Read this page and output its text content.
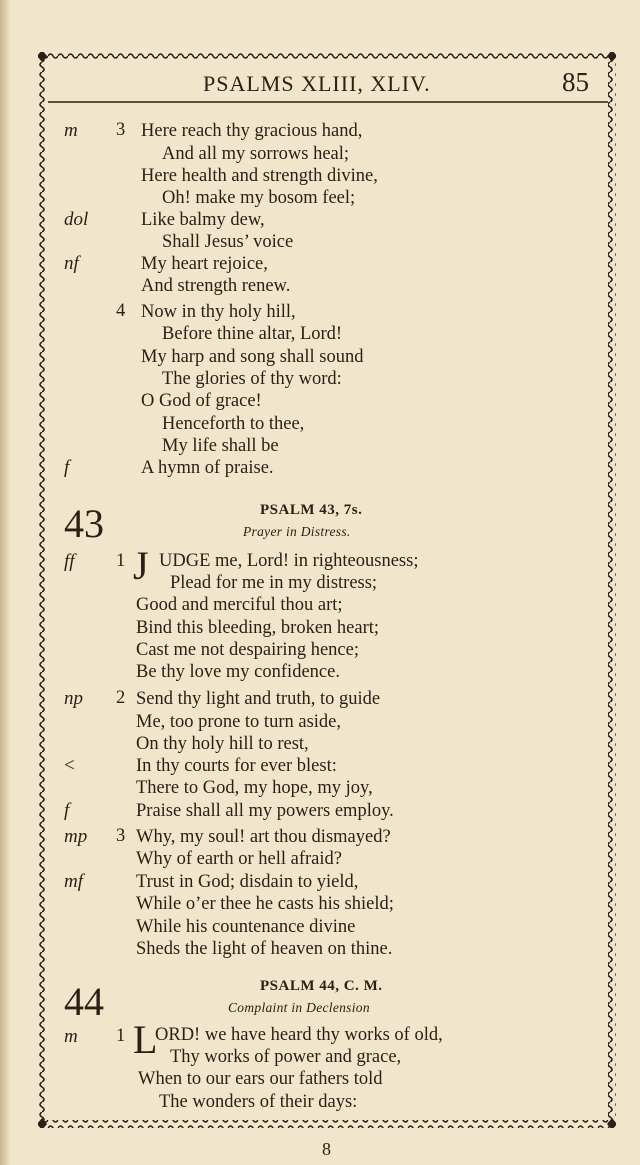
PSALMS XLIII, XLIV.	85
m 3 Here reach thy gracious hand,
And all my sorrows heal;
Here health and strength divine,
Oh! make my bosom feel;
dol	Like balmy dew,
Shall Jesus’ voice
nf	My heart rejoice,
And strength renew.
4 Now in thy holy hill,
Before thine altar, Lord!
My harp and song shall sound
The glories of thy word:
O God of grace!
Henceforth to thee,
My life shall be
f	A hymn of praise.
43	PSALM 43, 7s.
Prayer in Distress.
ff 1 J UDGE me, Lord! in righteousness;
Plead for me in my distress;
Good and merciful thou art;
Bind this bleeding, broken heart;
Cast me not despairing hence;
Be thy love my confidence.
np 2 Send thy light and truth, to guide
Me, too prone to turn aside,
On thy holy hill to rest,
<	In thy courts for ever blest:
There to God, my hope, my joy,
f	Praise shall all my powers employ.
mp 3 Why, my soul! art thou dismayed?
Why of earth or hell afraid?
mf	Trust in God; disdain to yield,
While o’er thee he casts his shield;
While his countenance divine
Sheds the light of heaven on thine.
44	PSALM 44, C. M.
Complaint in Declension
m 1 L
ORD! we have heard thy works of old,
Thy works of power and grace,
When to our ears our fathers told
The wonders of their days:
8
